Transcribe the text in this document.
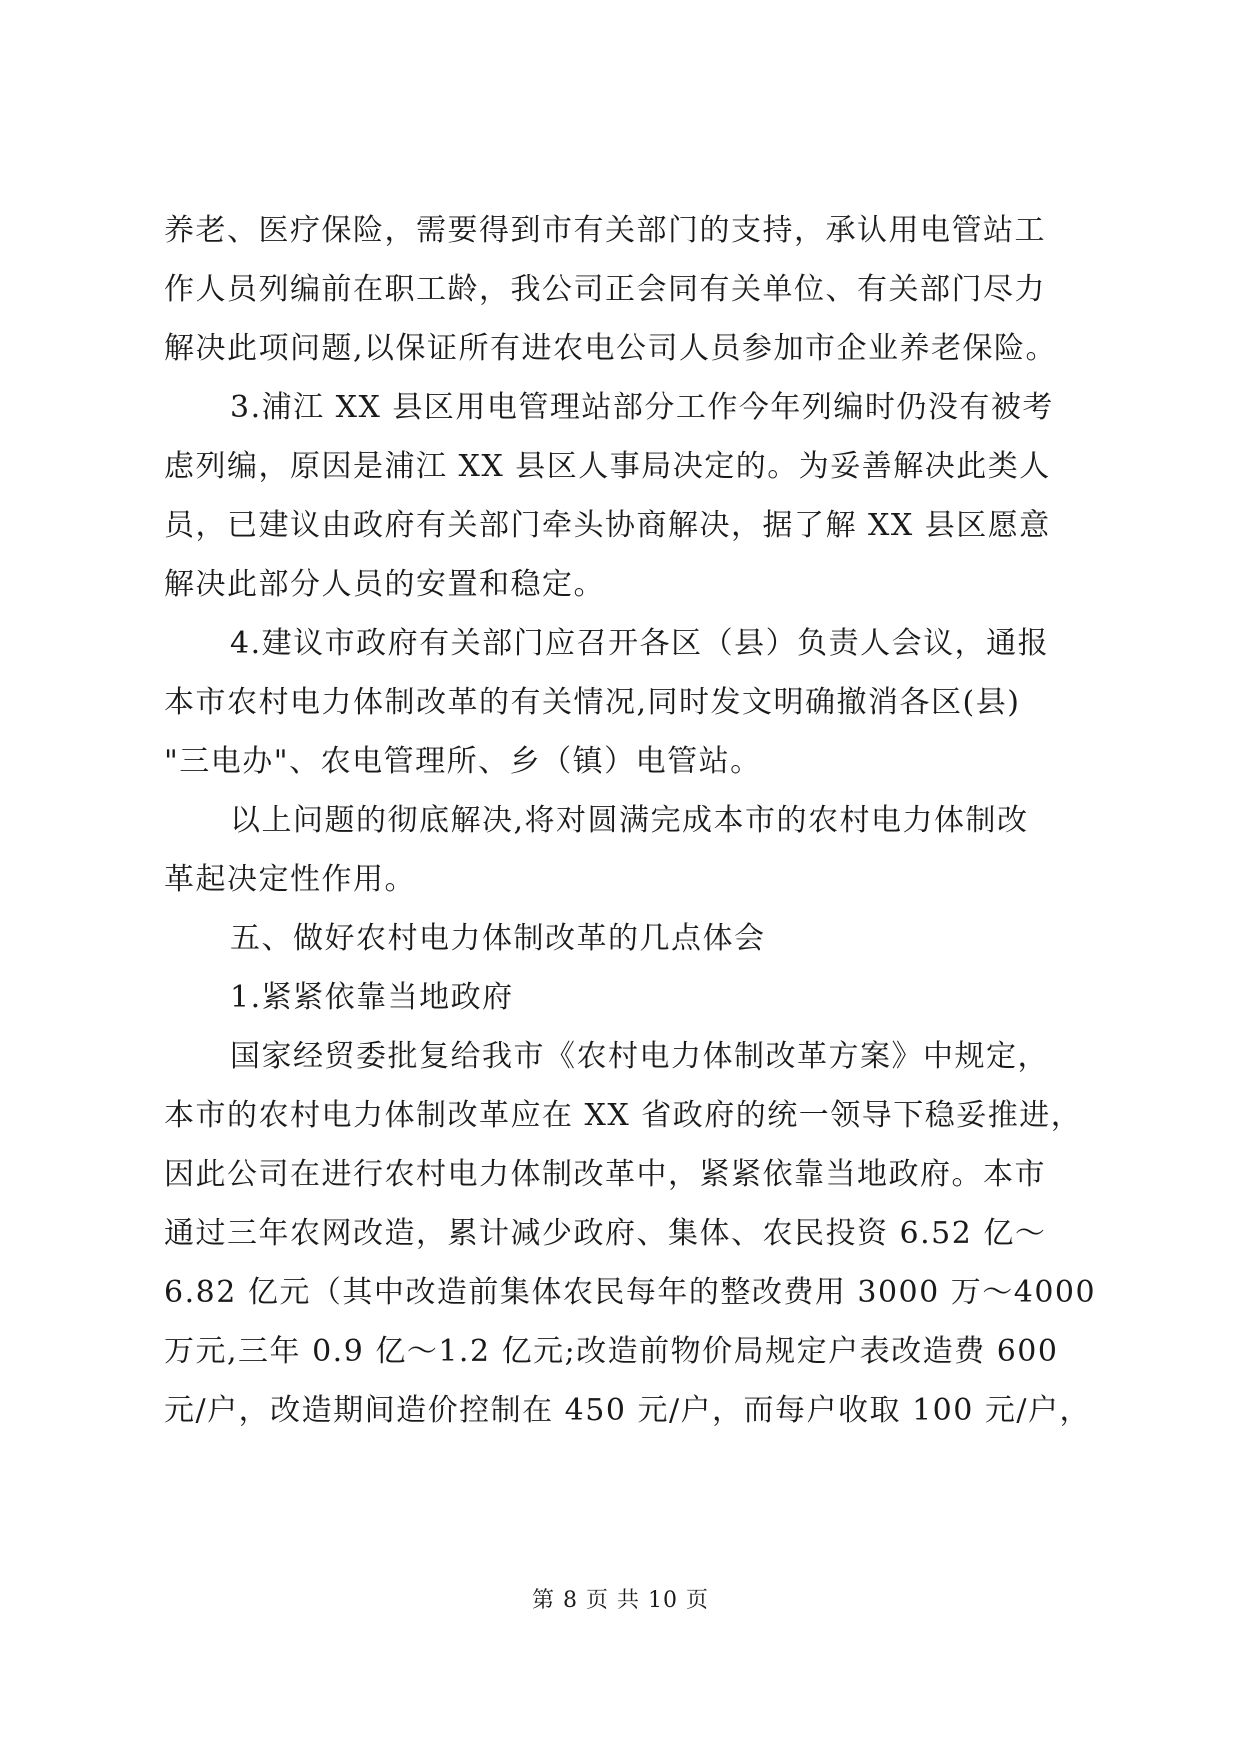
养老、医疗保险，需要得到市有关部门的支持，承认用电管站工
作人员列编前在职工龄，我公司正会同有关单位、有关部门尽力
解决此项问题,以保证所有进农电公司人员参加市企业养老保险。
3.浦江 XX 县区用电管理站部分工作今年列编时仍没有被考
虑列编，原因是浦江 XX 县区人事局决定的。为妥善解决此类人
员，已建议由政府有关部门牵头协商解决，据了解 XX 县区愿意
解决此部分人员的安置和稳定。
4.建议市政府有关部门应召开各区（县）负责人会议，通报
本市农村电力体制改革的有关情况,同时发文明确撤消各区(县)
"三电办"、农电管理所、乡（镇）电管站。
以上问题的彻底解决,将对圆满完成本市的农村电力体制改
革起决定性作用。
五、做好农村电力体制改革的几点体会
1.紧紧依靠当地政府
国家经贸委批复给我市《农村电力体制改革方案》中规定，
本市的农村电力体制改革应在 XX 省政府的统一领导下稳妥推进，
因此公司在进行农村电力体制改革中，紧紧依靠当地政府。本市
通过三年农网改造，累计减少政府、集体、农民投资 6.52 亿～
6.82 亿元（其中改造前集体农民每年的整改费用 3000 万～4000
万元,三年 0.9 亿～1.2 亿元;改造前物价局规定户表改造费 600
元/户，改造期间造价控制在 450 元/户，而每户收取 100 元/户，
第 8 页 共 10 页
